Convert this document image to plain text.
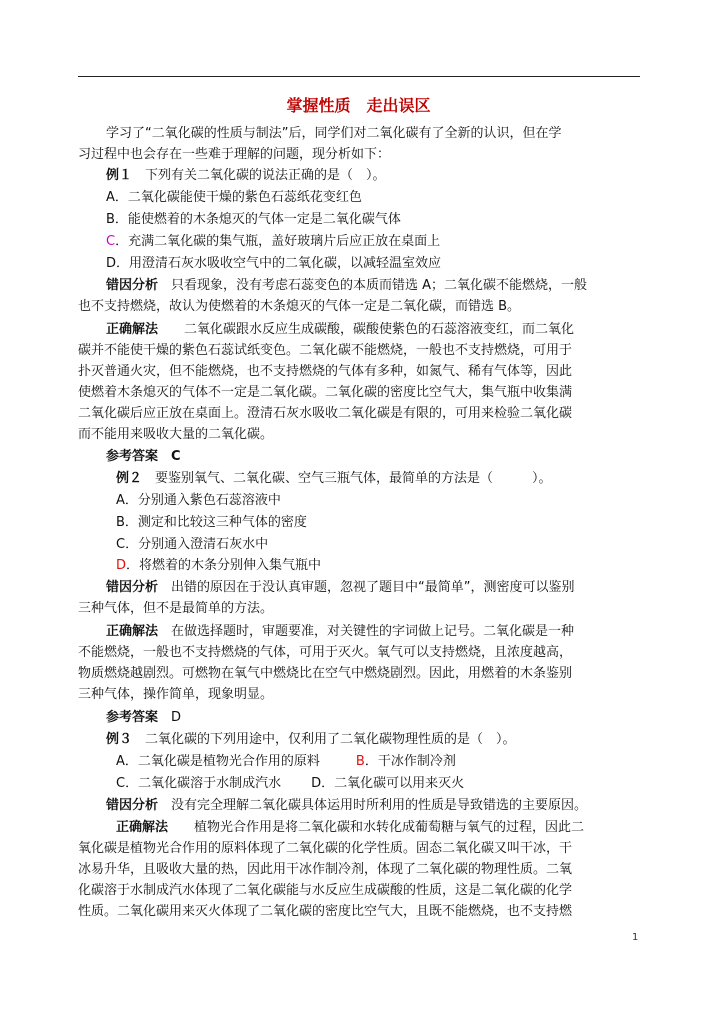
掌握性质　走出误区
学习了“二氧化碳的性质与制法”后，同学们对二氧化碳有了全新的认识，但在学
习过程中也会存在一些难于理解的问题，现分析如下：
例１　 下列有关二氧化碳的说法正确的是（　）。
A．二氧化碳能使干燥的紫色石蕊纸花变红色
B．能使燃着的木条熄灭的气体一定是二氧化碳气体
C．充满二氧化碳的集气瓶，盖好玻璃片后应正放在桌面上
D．用澄清石灰水吸收空气中的二氧化碳，以减轻温室效应
错因分析　 只看现象，没有考虑石蕊变色的本质而错选 A；二氧化碳不能燃烧，一般
也不支持燃烧，故认为使燃着的木条熄灭的气体一定是二氧化碳，而错选 B。
正确解法　　 二氧化碳跟水反应生成碳酸，碳酸使紫色的石蕊溶液变红，而二氧化
碳并不能使干燥的紫色石蕊试纸变色。二氧化碳不能燃烧，一般也不支持燃烧，可用于
扑灭普通火灾，但不能燃烧，也不支持燃烧的气体有多种，如氮气、稀有气体等，因此
使燃着木条熄灭的气体不一定是二氧化碳。二氧化碳的密度比空气大，集气瓶中收集满
二氧化碳后应正放在桌面上。澄清石灰水吸收二氧化碳是有限的，可用来检验二氧化碳
而不能用来吸收大量的二氧化碳。
参考答案　 C
例２　 要鉴别氧气、二氧化碳、空气三瓶气体，最简单的方法是（　　　）。
A．分别通入紫色石蕊溶液中
B．测定和比较这三种气体的密度
C．分别通入澄清石灰水中
D．将燃着的木条分别伸入集气瓶中
错因分析　 出错的原因在于没认真审题，忽视了题目中“最简单”，测密度可以鉴别
三种气体，但不是最简单的方法。
正确解法　 在做选择题时，审题要准，对关键性的字词做上记号。二氧化碳是一种
不能燃烧，一般也不支持燃烧的气体，可用于灭火。氧气可以支持燃烧，且浓度越高，
物质燃烧越剧烈。可燃物在氧气中燃烧比在空气中燃烧剧烈。因此，用燃着的木条鉴别
三种气体，操作简单，现象明显。
参考答案　 D
例３　 二氧化碳的下列用途中，仅利用了二氧化碳物理性质的是（　）。
A．二氧化碳是植物光合作用的原料	B．干冰作制冷剂
C．二氧化碳溶于水制成汽水 D．二氧化碳可以用来灭火
错因分析　 没有完全理解二氧化碳具体运用时所利用的性质是导致错选的主要原因。
正确解法　　 植物光合作用是将二氧化碳和水转化成葡萄糖与氧气的过程，因此二
氧化碳是植物光合作用的原料体现了二氧化碳的化学性质。固态二氧化碳又叫干冰，干
冰易升华，且吸收大量的热，因此用干冰作制冷剂，体现了二氧化碳的物理性质。二氧
化碳溶于水制成汽水体现了二氧化碳能与水反应生成碳酸的性质，这是二氧化碳的化学
性质。二氧化碳用来灭火体现了二氧化碳的密度比空气大，且既不能燃烧，也不支持燃
1
